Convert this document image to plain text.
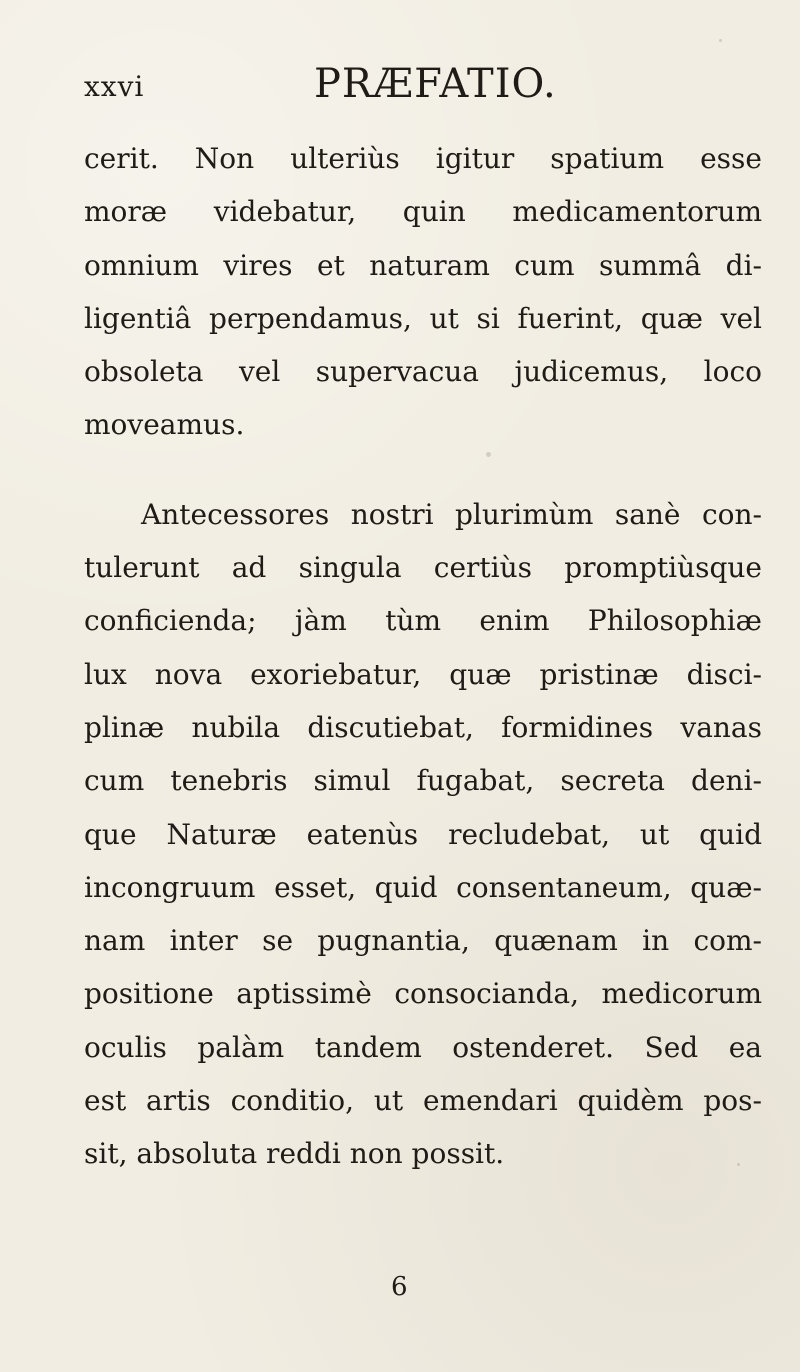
xxvi	PRÆFATIO.

cerit. Non ulteriùs igitur spatium esse
moræ videbatur, quin medicamentorum
omnium vires et naturam cum summâ di-
ligentiâ perpendamus, ut si fuerint, quæ vel
obsoleta vel supervacua judicemus, loco
moveamus.

Antecessores nostri plurimùm sanè con-
tulerunt ad singula certiùs promptiùsque
conficienda; jàm tùm enim Philosophiæ
lux nova exoriebatur, quæ pristinæ disci-
plinæ nubila discutiebat, formidines vanas
cum tenebris simul fugabat, secreta deni-
que Naturæ eatenùs recludebat, ut quid
incongruum esset, quid consentaneum, quæ-
nam inter se pugnantia, quænam in com-
positione aptissimè consocianda, medicorum
oculis palàm tandem ostenderet. Sed ea
est artis conditio, ut emendari quidèm pos-
sit, absoluta reddi non possit.

6
